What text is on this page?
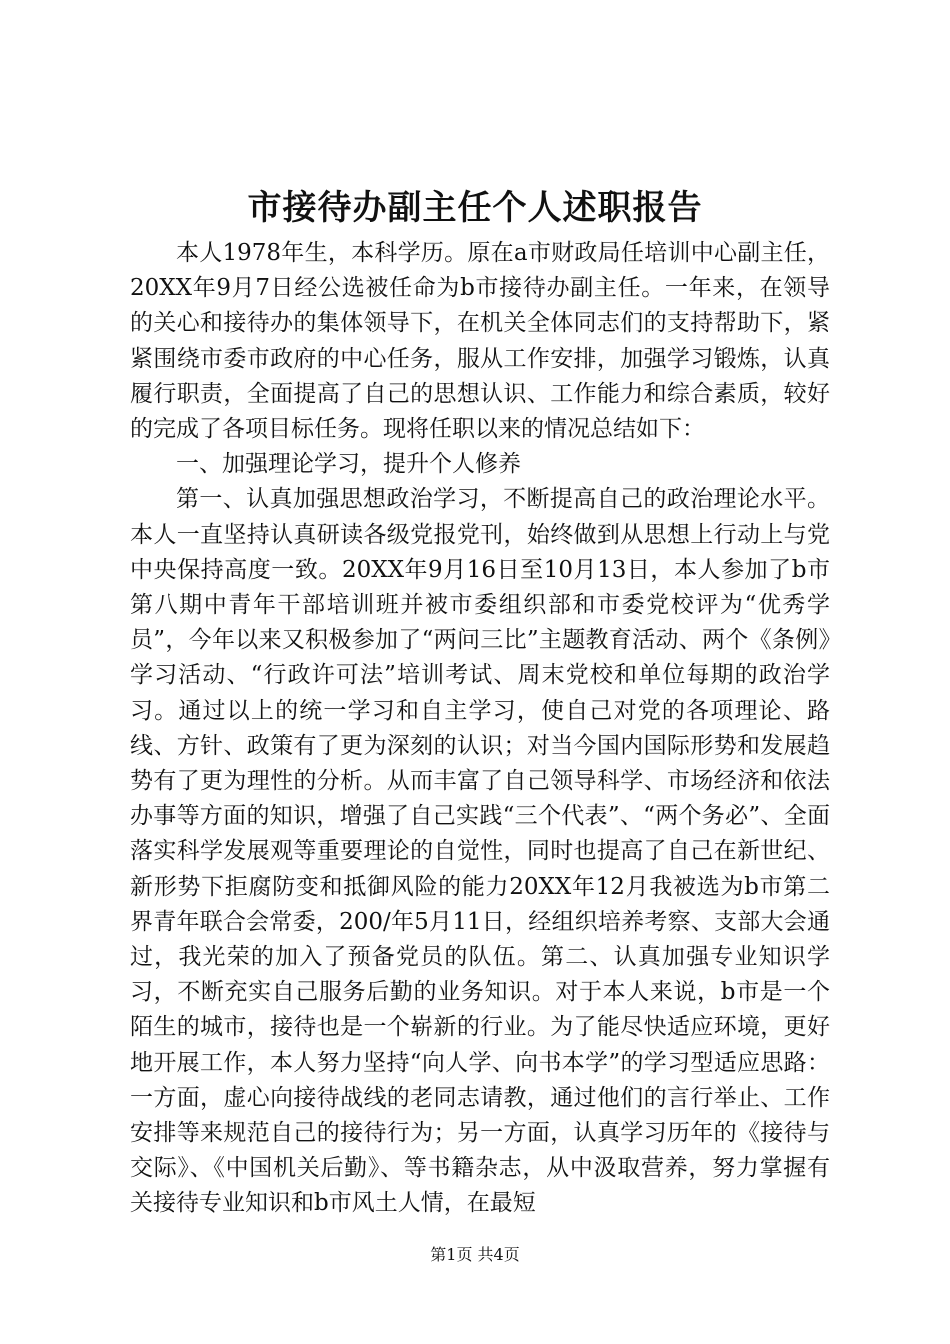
市接待办副主任个人述职报告

本人1978年生，本科学历。原在a市财政局任培训中心副主任，20XX年9月7日经公选被任命为b市接待办副主任。一年来，在领导的关心和接待办的集体领导下，在机关全体同志们的支持帮助下，紧紧围绕市委市政府的中心任务，服从工作安排，加强学习锻炼，认真履行职责，全面提高了自己的思想认识、工作能力和综合素质，较好的完成了各项目标任务。现将任职以来的情况总结如下：

一、加强理论学习，提升个人修养

第一、认真加强思想政治学习，不断提高自己的政治理论水平。本人一直坚持认真研读各级党报党刊，始终做到从思想上行动上与党中央保持高度一致。20XX年9月16日至10月13日，本人参加了b市第八期中青年干部培训班并被市委组织部和市委党校评为“优秀学员”，今年以来又积极参加了“两问三比”主题教育活动、两个《条例》学习活动、“行政许可法”培训考试、周末党校和单位每期的政治学习。通过以上的统一学习和自主学习，使自己对党的各项理论、路线、方针、政策有了更为深刻的认识；对当今国内国际形势和发展趋势有了更为理性的分析。从而丰富了自己领导科学、市场经济和依法办事等方面的知识，增强了自己实践“三个代表”、“两个务必”、全面落实科学发展观等重要理论的自觉性，同时也提高了自己在新世纪、新形势下拒腐防变和抵御风险的能力20XX年12月我被选为b市第二界青年联合会常委，200/年5月11日，经组织培养考察、支部大会通过，我光荣的加入了预备党员的队伍。第二、认真加强专业知识学习，不断充实自己服务后勤的业务知识。对于本人来说，b市是一个陌生的城市，接待也是一个崭新的行业。为了能尽快适应环境，更好地开展工作，本人努力坚持“向人学、向书本学”的学习型适应思路：一方面，虚心向接待战线的老同志请教，通过他们的言行举止、工作安排等来规范自己的接待行为；另一方面，认真学习历年的《接待与交际》、《中国机关后勤》、等书籍杂志，从中汲取营养，努力掌握有关接待专业知识和b市风土人情，在最短

第1页 共4页
